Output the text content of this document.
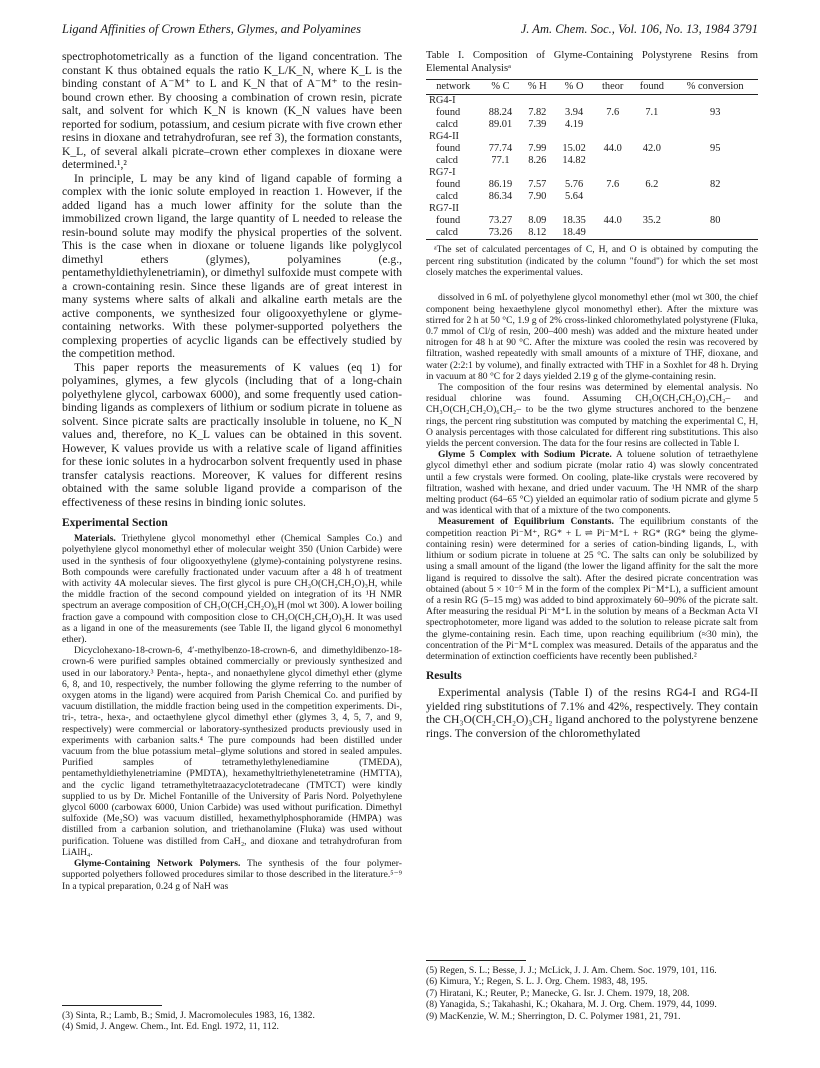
Ligand Affinities of Crown Ethers, Glymes, and Polyamines	J. Am. Chem. Soc., Vol. 106, No. 13, 1984 3791

spectrophotometrically as a function of the ligand concentration. The constant K thus obtained equals the ratio K_L/K_N, where K_L is the binding constant of A⁻M⁺ to L and K_N that of A⁻M⁺ to the resin-bound crown ether. By choosing a combination of crown resin, picrate salt, and solvent for which K_N is known (K_N values have been reported for sodium, potassium, and cesium picrate with five crown ether resins in dioxane and tetrahydrofuran, see ref 3), the formation constants, K_L, of several alkali picrate–crown ether complexes in dioxane were determined.¹,²

In principle, L may be any kind of ligand capable of forming a complex with the ionic solute employed in reaction 1. However, if the added ligand has a much lower affinity for the solute than the immobilized crown ligand, the large quantity of L needed to release the resin-bound solute may modify the physical properties of the solvent. This is the case when in dioxane or toluene ligands like polyglycol dimethyl ethers (glymes), polyamines (e.g., pentamethyldiethylenetriamin), or dimethyl sulfoxide must compete with a crown-containing resin. Since these ligands are of great interest in many systems where salts of alkali and alkaline earth metals are the active components, we synthesized four oligooxyethylene or glyme-containing networks. With these polymer-supported polyethers the complexing properties of acyclic ligands can be effectively studied by the competition method.

This paper reports the measurements of K values (eq 1) for polyamines, glymes, a few glycols (including that of a long-chain polyethylene glycol, carbowax 6000), and some frequently used cation-binding ligands as complexers of lithium or sodium picrate in toluene as solvent. Since picrate salts are practically insoluble in toluene, no K_N values and, therefore, no K_L values can be obtained in this sovent. However, K values provide us with a relative scale of ligand affinities for these ionic solutes in a hydrocarbon solvent frequently used in phase transfer catalysis reactions. Moreover, K values for different resins obtained with the same soluble ligand provide a comparison of the effectiveness of these resins in binding ionic solutes.

Experimental Section

Materials. Triethylene glycol monomethyl ether (Chemical Samples Co.) and polyethylene glycol monomethyl ether of molecular weight 350 (Union Carbide) were used in the synthesis of four oligooxyethylene (glyme)-containing polystyrene resins. Both compounds were carefully fractionated under vacuum after a 48 h of treatment with activity 4A molecular sieves. The first glycol is pure CH₃O(CH₂CH₂O)₃H, while the middle fraction of the second compound yielded on integration of its ¹H NMR spectrum an average composition of CH₃O(CH₂CH₂O)₆H (mol wt 300). A lower boiling fraction gave a compound with composition close to CH₃O(CH₂CH₂O)₅H. It was used as a ligand in one of the measurements (see Table II, the ligand glycol 6 monomethyl ether).

Dicyclohexano-18-crown-6, 4′-methylbenzo-18-crown-6, and dimethyldibenzo-18-crown-6 were purified samples obtained commercially or previously synthesized and used in our laboratory.³ Penta-, hepta-, and nonaethylene glycol dimethyl ether (glyme 6, 8, and 10, respectively, the number following the glyme referring to the number of oxygen atoms in the ligand) were acquired from Parish Chemical Co. and purified by vacuum distillation, the middle fraction being used in the competition experiments. Di-, tri-, tetra-, hexa-, and octaethylene glycol dimethyl ether (glymes 3, 4, 5, 7, and 9, respectively) were commercial or laboratory-synthesized products previously used in experiments with carbanion salts.⁴ The pure compounds had been distilled under vacuum from the blue potassium metal–glyme solutions and stored in sealed ampules. Purified samples of tetramethylethylenediamine (TMEDA), pentamethyldiethylenetriamine (PMDTA), hexamethyltriethylenetetramine (HMTTA), and the cyclic ligand tetramethyltetraazacyclotetradecane (TMTCT) were kindly supplied to us by Dr. Michel Fontanille of the University of Paris Nord. Polyethylene glycol 6000 (carbowax 6000, Union Carbide) was used without purification. Dimethyl sulfoxide (Me₂SO) was vacuum distilled, hexamethylphosphoramide (HMPA) was distilled from a carbanion solution, and triethanolamine (Fluka) was used without purification. Toluene was distilled from CaH₂, and dioxane and tetrahydrofuran from LiAlH₄.

Glyme-Containing Network Polymers. The synthesis of the four polymer-supported polyethers followed procedures similar to those described in the literature.⁵⁻⁹ In a typical preparation, 0.24 g of NaH was

(3) Sinta, R.; Lamb, B.; Smid, J. Macromolecules 1983, 16, 1382.
(4) Smid, J. Angew. Chem., Int. Ed. Engl. 1972, 11, 112.

Table I. Composition of Glyme-Containing Polystyrene Resins from Elemental Analysisᵃ

network	% C	% H	% O	theor	found	% conversion
RG4-I						
found	88.24	7.82	3.94	7.6	7.1	93
calcd	89.01	7.39	4.19			
RG4-II						
found	77.74	7.99	15.02	44.0	42.0	95
calcd	77.1	8.26	14.82			
RG7-I						
found	86.19	7.57	5.76	7.6	6.2	82
calcd	86.34	7.90	5.64			
RG7-II						
found	73.27	8.09	18.35	44.0	35.2	80
calcd	73.26	8.12	18.49			

ᵃThe set of calculated percentages of C, H, and O is obtained by computing the percent ring substitution (indicated by the column "found") for which the set most closely matches the experimental values.

dissolved in 6 mL of polyethylene glycol monomethyl ether (mol wt 300, the chief component being hexaethylene glycol monomethyl ether). After the mixture was stirred for 2 h at 50 °C, 1.9 g of 2% cross-linked chloromethylated polystyrene (Fluka, 0.7 mmol of Cl/g of resin, 200–400 mesh) was added and the mixture heated under nitrogen for 48 h at 90 °C. After the mixture was cooled the resin was recovered by filtration, washed repeatedly with small amounts of a mixture of THF, dioxane, and water (2:2:1 by volume), and finally extracted with THF in a Soxhlet for 48 h. Drying in vacuum at 80 °C for 2 days yielded 2.19 g of the glyme-containing resin.

The composition of the four resins was determined by elemental analysis. No residual chlorine was found. Assuming CH₃O(CH₂CH₂O)₃CH₂– and CH₃O(CH₂CH₂O)₆CH₂– to be the two glyme structures anchored to the benzene rings, the percent ring substitution was computed by matching the experimental C, H, O analysis percentages with those calculated for different ring substitutions. This also yields the percent conversion. The data for the four resins are collected in Table I.

Glyme 5 Complex with Sodium Picrate. A toluene solution of tetraethylene glycol dimethyl ether and sodium picrate (molar ratio 4) was slowly concentrated until a few crystals were formed. On cooling, plate-like crystals were recovered by filtration, washed with hexane, and dried under vacuum. The ¹H NMR of the sharp melting product (64–65 °C) yielded an equimolar ratio of sodium picrate and glyme 5 and was identical with that of a mixture of the two components.

Measurement of Equilibrium Constants. The equilibrium constants of the competition reaction Pi⁻M⁺, RG* + L ⇌ Pi⁻M⁺L + RG* (RG* being the glyme-containing resin) were determined for a series of cation-binding ligands, L, with lithium or sodium picrate in toluene at 25 °C. The salts can only be solubilized by using a small amount of the ligand (the lower the ligand affinity for the salt the more ligand is required to dissolve the salt). After the desired picrate concentration was obtained (about 5 × 10⁻⁵ M in the form of the complex Pi⁻M⁺L), a sufficient amount of a resin RG (5–15 mg) was added to bind approximately 60–90% of the picrate salt. After measuring the residual Pi⁻M⁺L in the solution by means of a Beckman Acta VI spectrophotometer, more ligand was added to the solution to release picrate salt from the glyme-containing resin. Each time, upon reaching equilibrium (≈30 min), the concentration of the Pi⁻M⁺L complex was measured. Details of the apparatus and the determination of extinction coefficients have recently been published.²

Results

Experimental analysis (Table I) of the resins RG4-I and RG4-II yielded ring substitutions of 7.1% and 42%, respectively. They contain the CH₃O(CH₂CH₂O)₃CH₂ ligand anchored to the polystyrene benzene rings. The conversion of the chloromethylated

(5) Regen, S. L.; Besse, J. J.; McLick, J. J. Am. Chem. Soc. 1979, 101, 116.
(6) Kimura, Y.; Regen, S. L. J. Org. Chem. 1983, 48, 195.
(7) Hiratani, K.; Reuter, P.; Manecke, G. Isr. J. Chem. 1979, 18, 208.
(8) Yanagida, S.; Takahashi, K.; Okahara, M. J. Org. Chem. 1979, 44, 1099.
(9) MacKenzie, W. M.; Sherrington, D. C. Polymer 1981, 21, 791.
